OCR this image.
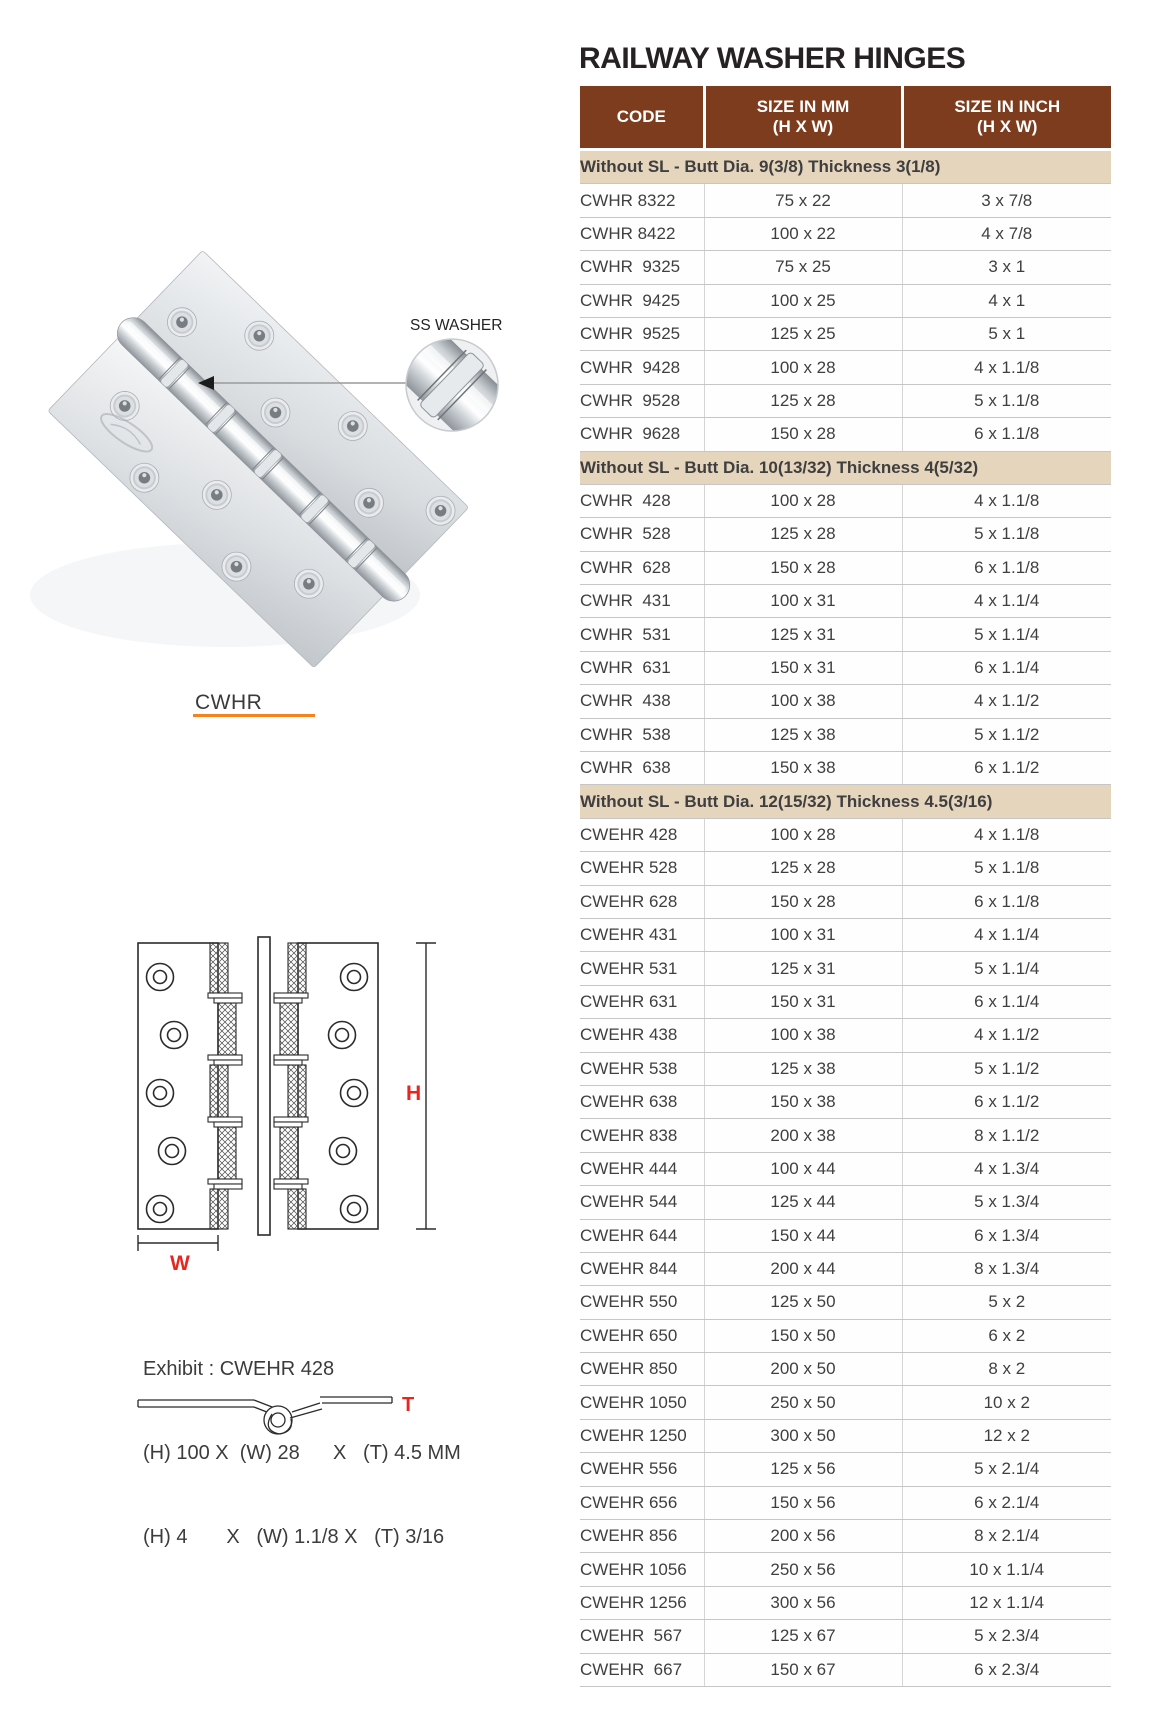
SS WASHER
CWHR
H
W

Exhibit : CWEHR 428

(H) 100 X  (W) 28      X   (T) 4.5 MM

(H) 4       X   (W) 1.1/8 X   (T) 3/16

T
RAILWAY WASHER HINGES
CODE

SIZE IN MM
(H X W)

SIZE IN INCH
(H X W)

Without SL - Butt Dia. 9(3/8) Thickness 3(1/8)		
CWHR 8322	75 x 22	3 x 7/8
CWHR 8422	100 x 22	4 x 7/8
CWHR  9325	75 x 25	3 x 1
CWHR  9425	100 x 25	4 x 1
CWHR  9525	125 x 25	5 x 1
CWHR  9428	100 x 28	4 x 1.1/8
CWHR  9528	125 x 28	5 x 1.1/8
CWHR  9628	150 x 28	6 x 1.1/8
Without SL - Butt Dia. 10(13/32) Thickness 4(5/32)		
CWHR  428	100 x 28	4 x 1.1/8
CWHR  528	125 x 28	5 x 1.1/8
CWHR  628	150 x 28	6 x 1.1/8
CWHR  431	100 x 31	4 x 1.1/4
CWHR  531	125 x 31	5 x 1.1/4
CWHR  631	150 x 31	6 x 1.1/4
CWHR  438	100 x 38	4 x 1.1/2
CWHR  538	125 x 38	5 x 1.1/2
CWHR  638	150 x 38	6 x 1.1/2
Without SL - Butt Dia. 12(15/32) Thickness 4.5(3/16)		
CWEHR 428	100 x 28	4 x 1.1/8
CWEHR 528	125 x 28	5 x 1.1/8
CWEHR 628	150 x 28	6 x 1.1/8
CWEHR 431	100 x 31	4 x 1.1/4
CWEHR 531	125 x 31	5 x 1.1/4
CWEHR 631	150 x 31	6 x 1.1/4
CWEHR 438	100 x 38	4 x 1.1/2
CWEHR 538	125 x 38	5 x 1.1/2
CWEHR 638	150 x 38	6 x 1.1/2
CWEHR 838	200 x 38	8 x 1.1/2
CWEHR 444	100 x 44	4 x 1.3/4
CWEHR 544	125 x 44	5 x 1.3/4
CWEHR 644	150 x 44	6 x 1.3/4
CWEHR 844	200 x 44	8 x 1.3/4
CWEHR 550	125 x 50	5 x 2
CWEHR 650	150 x 50	6 x 2
CWEHR 850	200 x 50	8 x 2
CWEHR 1050	250 x 50	10 x 2
CWEHR 1250	300 x 50	12 x 2
CWEHR 556	125 x 56	5 x 2.1/4
CWEHR 656	150 x 56	6 x 2.1/4
CWEHR 856	200 x 56	8 x 2.1/4
CWEHR 1056	250 x 56	10 x 1.1/4
CWEHR 1256	300 x 56	12 x 1.1/4
CWEHR  567	125 x 67	5 x 2.3/4
CWEHR  667	150 x 67	6 x 2.3/4
